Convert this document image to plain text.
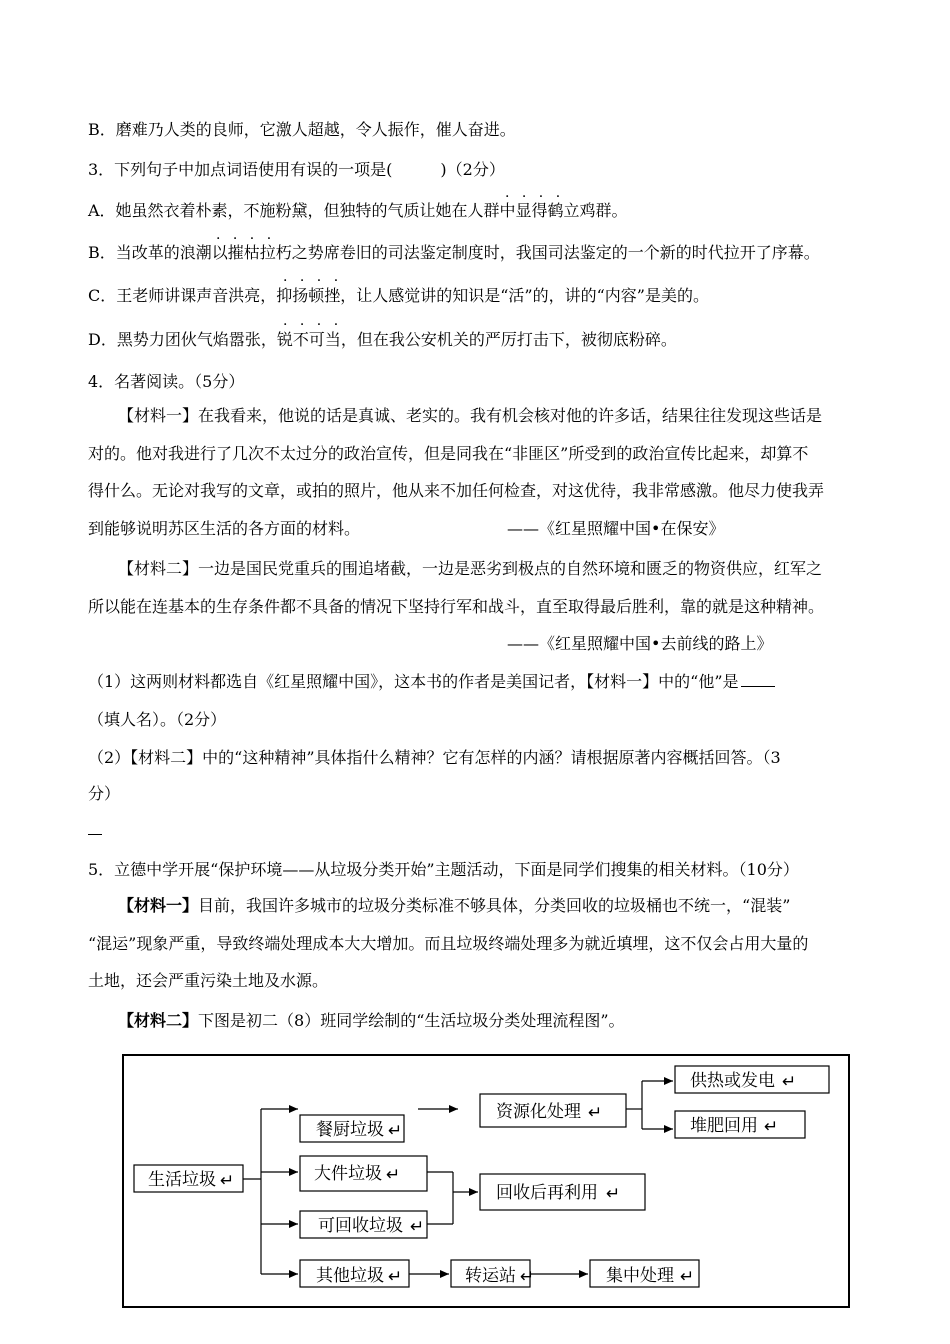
B．磨难乃人类的良师，它激人超越，令人振作，催人奋进。
3．下列句子中加点词语使用有误的一项是(　　　)（2分）
· · · ·
A．她虽然衣着朴素，不施粉黛，但独特的气质让她在人群中显得鹤立鸡群。
· · · ·
B．当改革的浪潮以摧枯拉朽之势席卷旧的司法鉴定制度时，我国司法鉴定的一个新的时代拉开了序幕。
· · · ·
C．王老师讲课声音洪亮，抑扬顿挫，让人感觉讲的知识是“活”的，讲的“内容”是美的。
· · · ·
D．黑势力团伙气焰嚣张，锐不可当，但在我公安机关的严厉打击下，被彻底粉碎。
4．名著阅读。（5分）
【材料一】在我看来，他说的话是真诚、老实的。我有机会核对他的许多话，结果往往发现这些话是
对的。他对我进行了几次不太过分的政治宣传，但是同我在“非匪区”所受到的政治宣传比起来，却算不
得什么。无论对我写的文章，或拍的照片，他从来不加任何检查，对这优待，我非常感激。他尽力使我弄
到能够说明苏区生活的各方面的材料。	——《红星照耀中国•在保安》
【材料二】一边是国民党重兵的围追堵截，一边是恶劣到极点的自然环境和匮乏的物资供应，红军之
所以能在连基本的生存条件都不具备的情况下坚持行军和战斗，直至取得最后胜利，靠的就是这种精神。
——《红星照耀中国•去前线的路上》
（1）这两则材料都选自《红星照耀中国》，这本书的作者是美国记者，【材料一】中的“他”是
（填人名）。（2分）
（2）【材料二】中的“这种精神”具体指什么精神？它有怎样的内涵？请根据原著内容概括回答。（3
分）
5．立德中学开展“保护环境——从垃圾分类开始”主题活动，下面是同学们搜集的相关材料。（10分）
【材料一】目前，我国许多城市的垃圾分类标准不够具体，分类回收的垃圾桶也不统一，“混装”
“混运”现象严重，导致终端处理成本大大增加。而且垃圾终端处理多为就近填埋，这不仅会占用大量的
土地，还会严重污染土地及水源。
【材料二】下图是初二（8）班同学绘制的“生活垃圾分类处理流程图”。
生活垃圾 ↵
餐厨垃圾 ↵
资源化处理 ↵
供热或发电 ↵
堆肥回用 ↵
大件垃圾 ↵
可回收垃圾 ↵
回收后再利用 ↵
其他垃圾 ↵	转运站 ↵	集中处理 ↵
